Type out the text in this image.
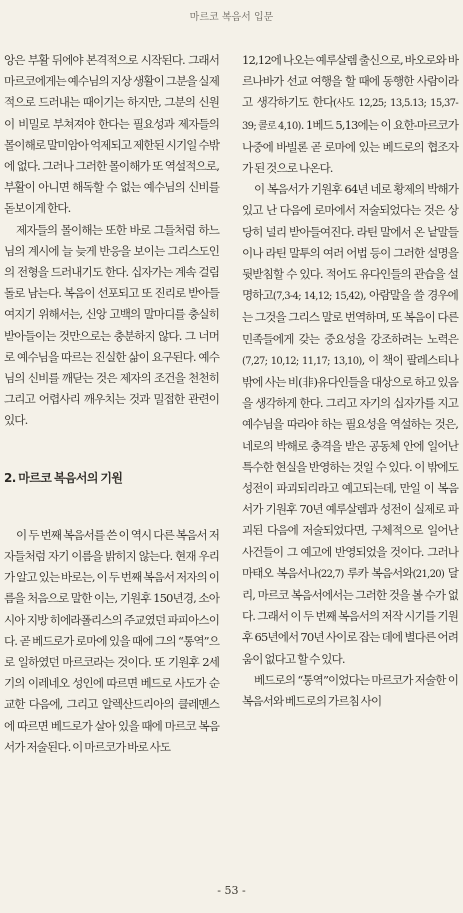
마르코 복음서 입문

앙은 부활 뒤에야 본격적으로 시작된다. 그래서 마르코에게는 예수님의 지상 생활이 그분을 실제적으로 드러내는 때이기는 하지만, 그분의 신원이 비밀로 부쳐져야 한다는 필요성과 제자들의 몰이해로 말미암아 억제되고 제한된 시기일 수밖에 없다. 그러나 그러한 몰이해가 또 역설적으로, 부활이 아니면 해독할 수 없는 예수님의 신비를 돋보이게 한다.

제자들의 몰이해는 또한 바로 그들처럼 하느님의 계시에 늘 늦게 반응을 보이는 그리스도인의 전형을 드러내기도 한다. 십자가는 계속 걸림돌로 남는다. 복음이 선포되고 또 진리로 받아들여지기 위해서는, 신앙 고백의 말마디를 충실히 받아들이는 것만으로는 충분하지 않다. 그 너머로 예수님을 따르는 진실한 삶이 요구된다. 예수님의 신비를 깨닫는 것은 제자의 조건을 천천히 그리고 어렵사리 깨우치는 것과 밀접한 관련이 있다.

2. 마르코 복음서의 기원

이 두 번째 복음서를 쓴 이 역시 다른 복음서 저자들처럼 자기 이름을 밝히지 않는다. 현재 우리가 알고 있는 바로는, 이 두 번째 복음서 저자의 이름을 처음으로 말한 이는, 기원후 150년경, 소아시아 지방 히에라폴리스의 주교였던 파피아스이다. 곧 베드로가 로마에 있을 때에 그의 “통역”으로 일하였던 마르코라는 것이다. 또 기원후 2세기의 이레네오 성인에 따르면 베드로 사도가 순교한 다음에, 그리고 알렉산드리아의 클레멘스에 따르면 베드로가 살아 있을 때에 마르코 복음서가 저술된다. 이 마르코가 바로 사도

12,12에 나오는 예루살렘 출신으로, 바오로와 바르나바가 선교 여행을 할 때에 동행한 사람이라고 생각하기도 한다(사도 12,25; 13,5.13; 15,37-39; 콜로 4,10). 1베드 5,13에는 이 요한-마르코가 나중에 바빌론 곧 로마에 있는 베드로의 협조자가 된 것으로 나온다.

이 복음서가 기원후 64년 네로 황제의 박해가 있고 난 다음에 로마에서 저술되었다는 것은 상당히 널리 받아들여진다. 라틴 말에서 온 낱말들이나 라틴 말투의 여러 어법 등이 그러한 설명을 뒷받침할 수 있다. 적어도 유다인들의 관습을 설명하고(7,3-4; 14,12; 15,42), 아람말을 쓸 경우에는 그것을 그리스 말로 번역하며, 또 복음이 다른 민족들에게 갖는 중요성을 강조하려는 노력은(7,27; 10,12; 11,17; 13,10), 이 책이 팔레스티나 밖에 사는 비(非)유다인들을 대상으로 하고 있음을 생각하게 한다. 그리고 자기의 십자가를 지고 예수님을 따라야 하는 필요성을 역설하는 것은, 네로의 박해로 충격을 받은 공동체 안에 일어난 특수한 현실을 반영하는 것일 수 있다. 이 밖에도 성전이 파괴되리라고 예고되는데, 만일 이 복음서가 기원후 70년 예루살렘과 성전이 실제로 파괴된 다음에 저술되었다면, 구체적으로 일어난 사건들이 그 예고에 반영되었을 것이다. 그러나 마태오 복음서나(22,7) 루카 복음서와(21,20) 달리, 마르코 복음서에서는 그러한 것을 볼 수가 없다. 그래서 이 두 번째 복음서의 저작 시기를 기원후 65년에서 70년 사이로 잡는 데에 별다른 어려움이 없다고 할 수 있다.

베드로의 “통역”이었다는 마르코가 저술한 이 복음서와 베드로의 가르침 사이

- 53 -
